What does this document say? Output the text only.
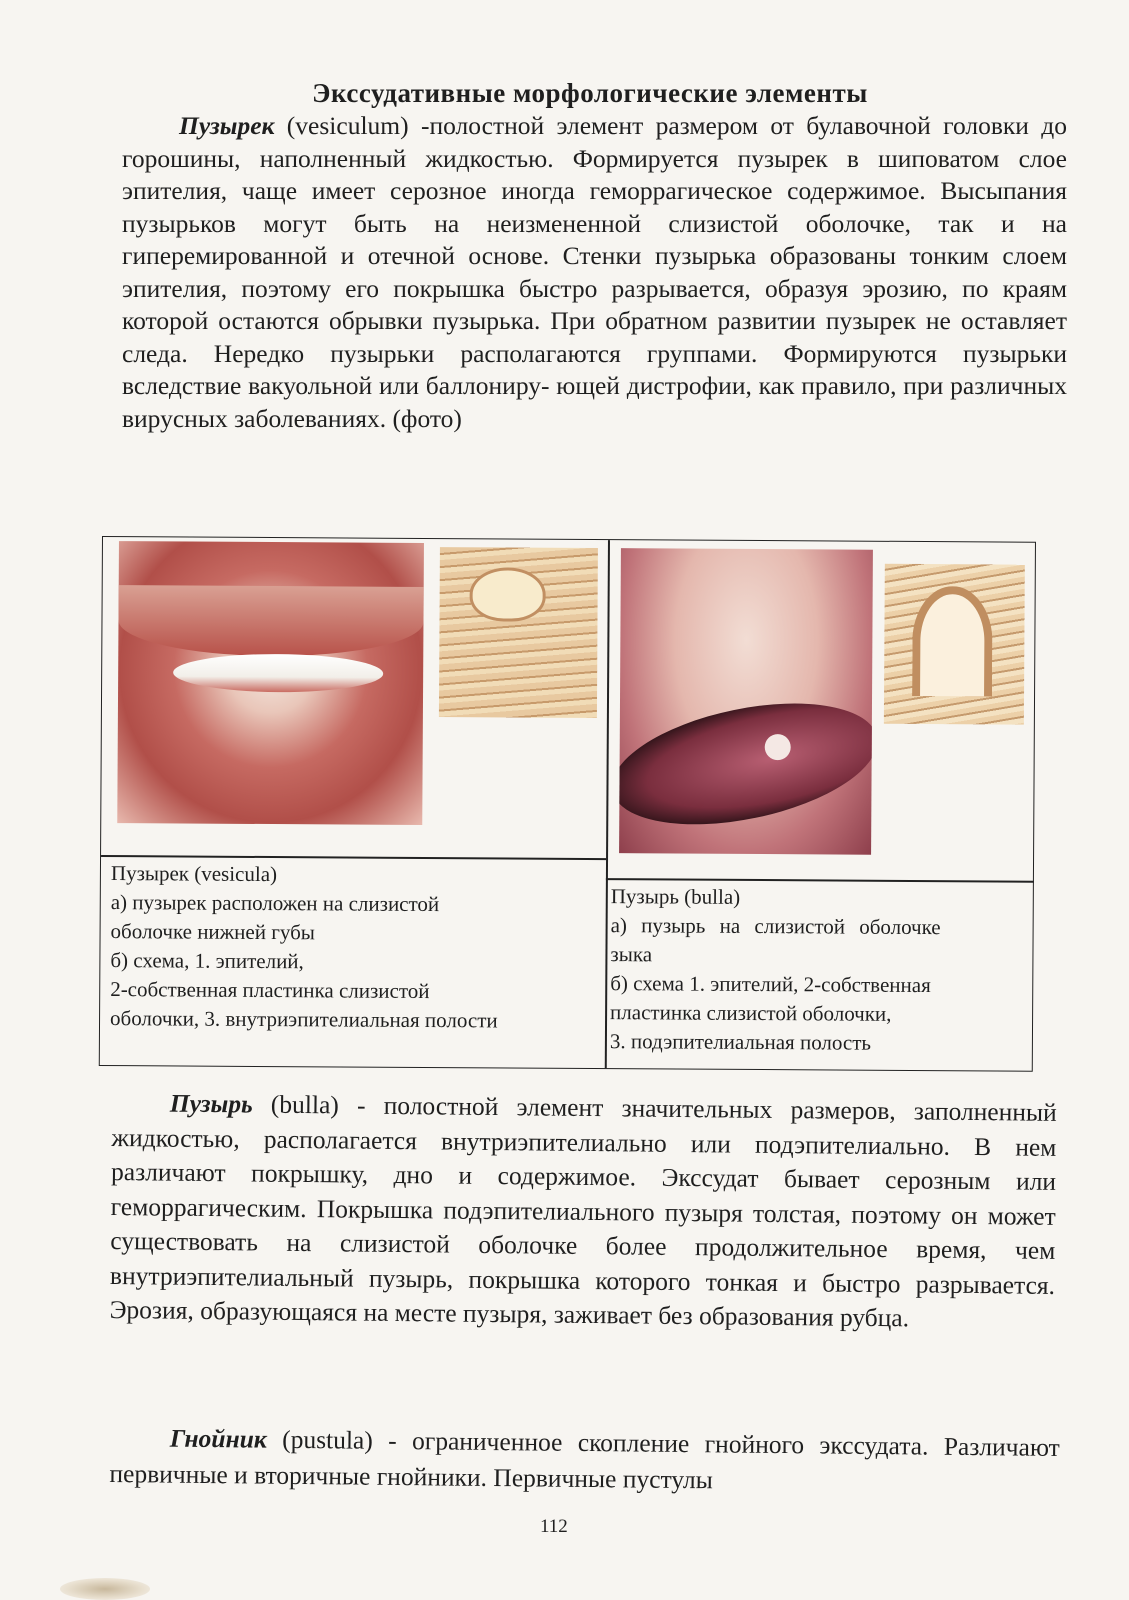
Экссудативные морфологические элементы
Пузырек (vesiculum) -полостной элемент размером от булавочной головки до горошины, наполненный жидкостью. Формируется пузырек в шиповатом слое эпителия, чаще имеет серозное иногда геморрагическое содержимое. Высыпания пузырьков могут быть на неизмененной слизистой оболочке, так и на гиперемированной и отечной основе. Стенки пузырька образованы тонким слоем эпителия, поэтому его покрышка быстро разрывается, образуя эрозию, по краям которой остаются обрывки пузырька. При обратном развитии пузырек не оставляет следа. Нередко пузырьки располагаются группами. Формируются пузырьки вследствие вакуольной или баллониру- ющей дистрофии, как правило, при различных вирусных заболеваниях. (фото)
Пузырек (vesicula)
а) пузырек расположен на слизистой
оболочке нижней губы
б) схема, 1. эпителий,
2-собственная пластинка слизистой
оболочки, 3. внутриэпителиальная полости
Пузырь (bulla)
а) пузырь на слизистой оболочке
зыка
б) схема 1. эпителий, 2-собственная
пластинка слизистой оболочки,
3. подэпителиальная полость
Пузырь (bulla) - полостной элемент значительных размеров, заполненный жидкостью, располагается внутриэпителиально или подэпителиально. В нем различают покрышку, дно и содержимое. Экссудат бывает серозным или геморрагическим. Покрышка подэпителиального пузыря толстая, поэтому он может существовать на слизистой оболочке более продолжительное время, чем внутриэпителиальный пузырь, покрышка которого тонкая и быстро разрывается. Эрозия, образующаяся на месте пузыря, заживает без образования рубца.
Гнойник (pustula) - ограниченное скопление гнойного экссудата. Различают первичные и вторичные гнойники. Первичные пустулы
112
